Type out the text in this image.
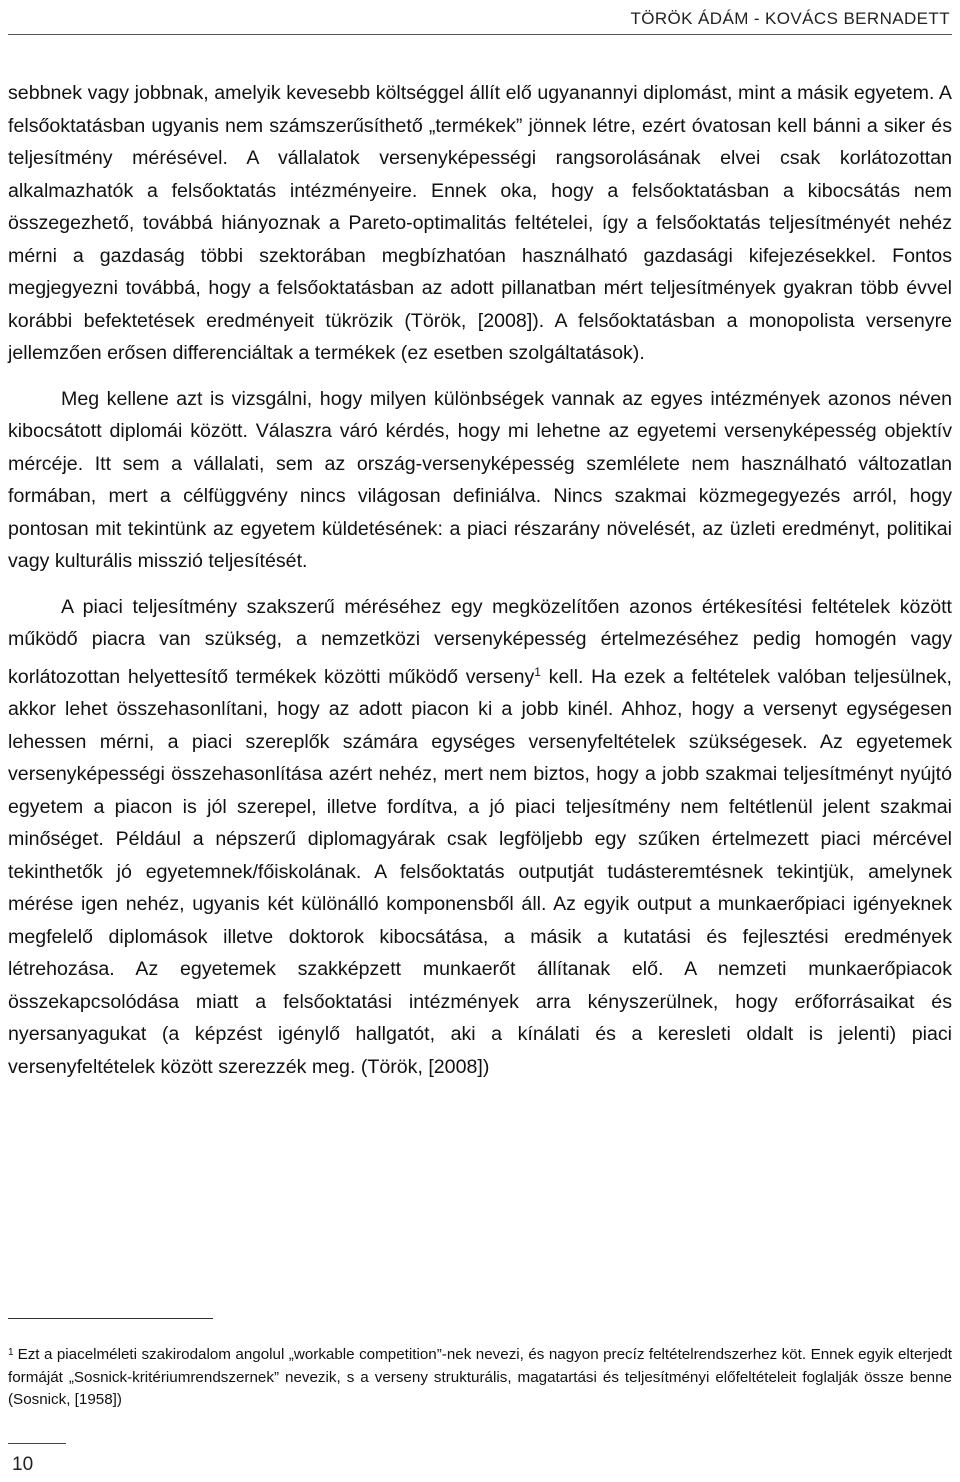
TÖRÖK ÁDÁM - KOVÁCS BERNADETT

sebbnek vagy jobbnak, amelyik kevesebb költséggel állít elő ugyanannyi diplomást, mint a másik egyetem. A felsőoktatásban ugyanis nem számszerűsíthető „termékek” jönnek létre, ezért óvatosan kell bánni a siker és teljesítmény mérésével. A vállalatok versenyképességi rangsorolásának elvei csak korlátozottan alkalmazhatók a felsőoktatás intézményeire. Ennek oka, hogy a felsőoktatásban a kibocsátás nem összegezhető, továbbá hiányoznak a Pareto-optimalitás feltételei, így a felsőoktatás teljesítményét nehéz mérni a gazdaság többi szektorában megbízhatóan használható gazdasági kifejezésekkel. Fontos megjegyezni továbbá, hogy a felsőoktatásban az adott pillanatban mért teljesítmények gyakran több évvel korábbi befektetések eredményeit tükrözik (Török, [2008]). A felsőoktatásban a monopolista versenyre jellemzően erősen differenciáltak a termékek (ez esetben szolgáltatások).

Meg kellene azt is vizsgálni, hogy milyen különbségek vannak az egyes intézmények azonos néven kibocsátott diplomái között. Válaszra váró kérdés, hogy mi lehetne az egyetemi versenyképesség objektív mércéje. Itt sem a vállalati, sem az ország-versenyképesség szemlélete nem használható változatlan formában, mert a célfüggvény nincs világosan definiálva. Nincs szakmai közmegegyezés arról, hogy pontosan mit tekintünk az egyetem küldetésének: a piaci részarány növelését, az üzleti eredményt, politikai vagy kulturális misszió teljesítését.

A piaci teljesítmény szakszerű méréséhez egy megközelítően azonos értékesítési feltételek között működő piacra van szükség, a nemzetközi versenyképesség értelmezéséhez pedig homogén vagy korlátozottan helyettesítő termékek közötti működő verseny$^1$ kell. Ha ezek a feltételek valóban teljesülnek, akkor lehet összehasonlítani, hogy az adott piacon ki a jobb kinél. Ahhoz, hogy a versenyt egységesen lehessen mérni, a piaci szereplők számára egységes versenyfeltételek szükségesek. Az egyetemek versenyképességi összehasonlítása azért nehéz, mert nem biztos, hogy a jobb szakmai teljesítményt nyújtó egyetem a piacon is jól szerepel, illetve fordítva, a jó piaci teljesítmény nem feltétlenül jelent szakmai minőséget. Például a népszerű diplomagyárak csak legföljebb egy szűken értelmezett piaci mércével tekinthetők jó egyetemnek/főiskolának. A felsőoktatás outputját tudásteremtésnek tekintjük, amelynek mérése igen nehéz, ugyanis két különálló komponensből áll. Az egyik output a munkaerőpiaci igényeknek megfelelő diplomások illetve doktorok kibocsátása, a másik a kutatási és fejlesztési eredmények létrehozása. Az egyetemek szakképzett munkaerőt állítanak elő. A nemzeti munkaerőpiacok összekapcsolódása miatt a felsőoktatási intézmények arra kényszerülnek, hogy erőforrásaikat és nyersanyagukat (a képzést igénylő hallgatót, aki a kínálati és a keresleti oldalt is jelenti) piaci versenyfeltételek között szerezzék meg. (Török, [2008])

$^1$ Ezt a piacelméleti szakirodalom angolul „workable competition”-nek nevezi, és nagyon precíz feltételrendszerhez köt. Ennek egyik elterjedt formáját „Sosnick-kritériumrendszernek” nevezik, s a verseny strukturális, magatartási és teljesítményi előfeltételeit foglalják össze benne (Sosnick, [1958])
10
